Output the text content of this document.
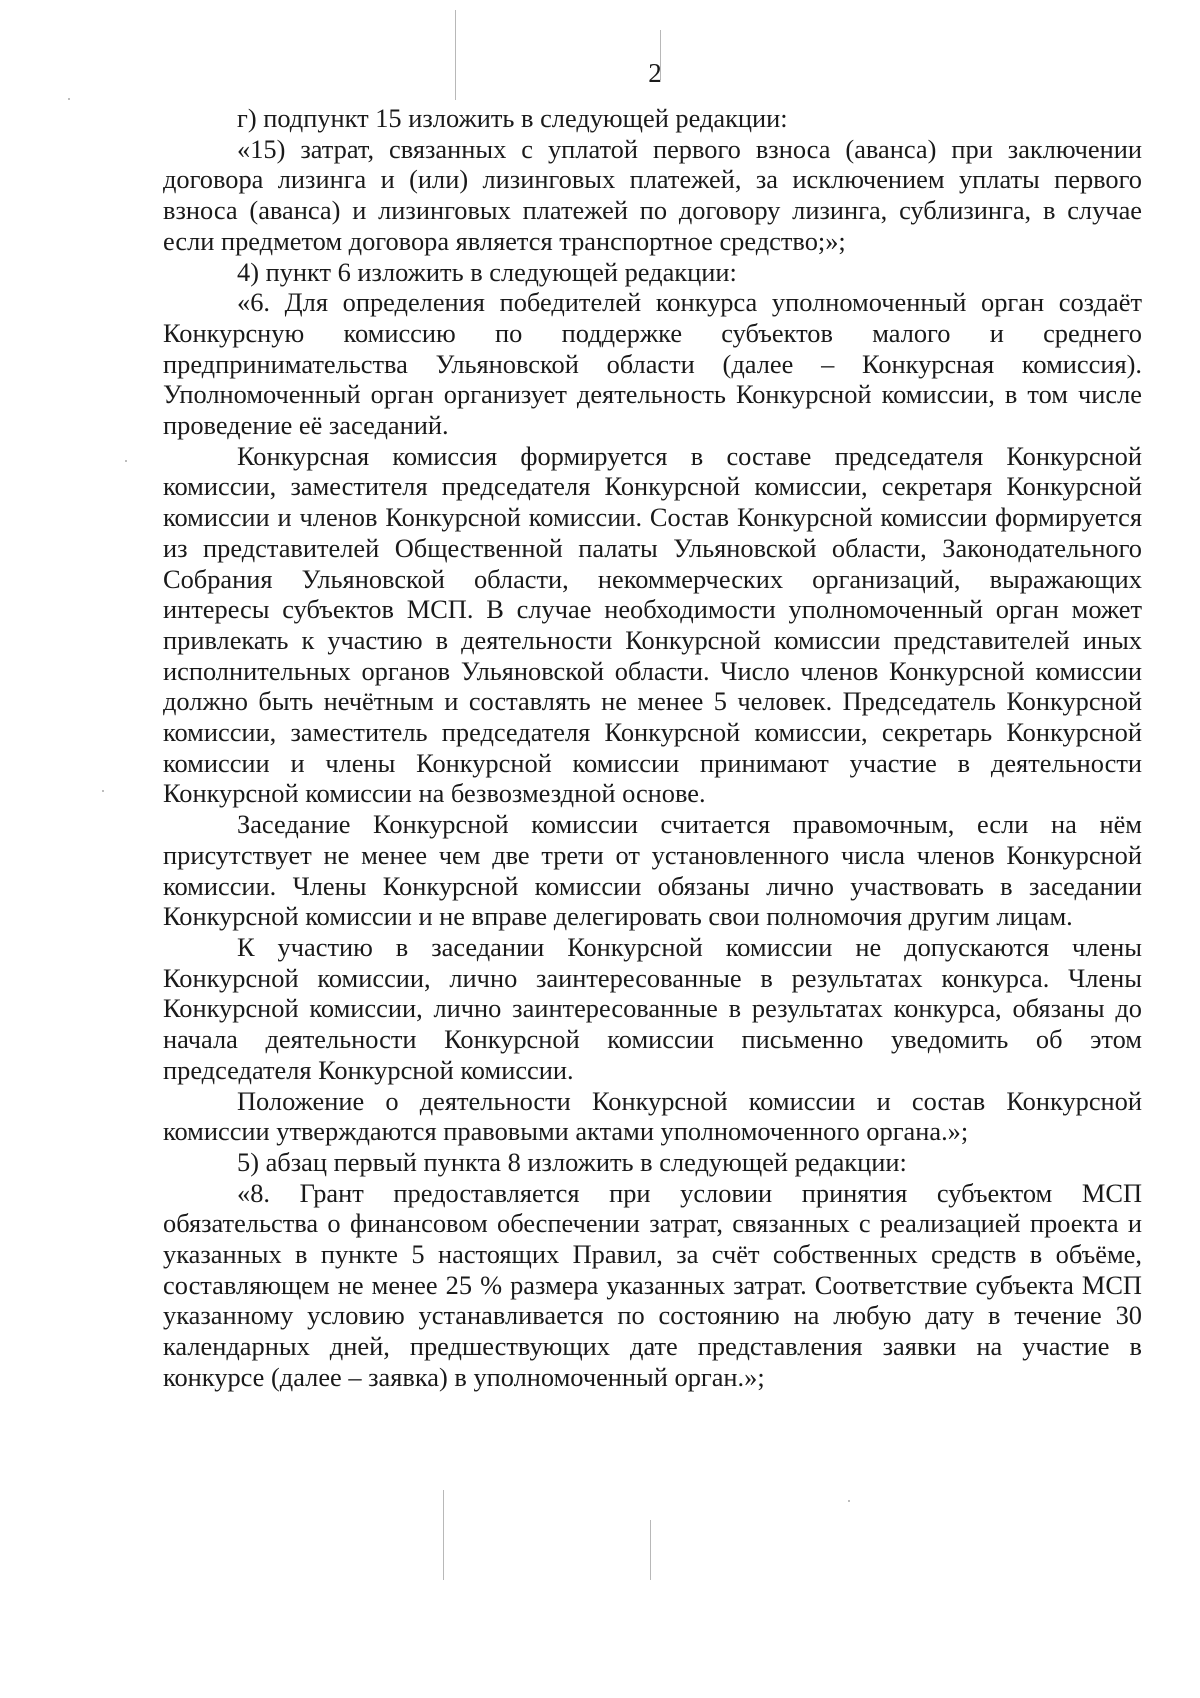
2

г) подпункт 15 изложить в следующей редакции:

«15) затрат, связанных с уплатой первого взноса (аванса) при заключении договора лизинга и (или) лизинговых платежей, за исключением уплаты первого взноса (аванса) и лизинговых платежей по договору лизинга, сублизинга, в случае если предметом договора является транспортное средство;»;

4) пункт 6 изложить в следующей редакции:

«6. Для определения победителей конкурса уполномоченный орган создаёт Конкурсную комиссию по поддержке субъектов малого и среднего предпринимательства Ульяновской области (далее – Конкурсная комиссия). Уполномоченный орган организует деятельность Конкурсной комиссии, в том числе проведение её заседаний.

Конкурсная комиссия формируется в составе председателя Конкурсной комиссии, заместителя председателя Конкурсной комиссии, секретаря Конкурсной комиссии и членов Конкурсной комиссии. Состав Конкурсной комиссии формируется из представителей Общественной палаты Ульяновской области, Законодательного Собрания Ульяновской области, некоммерческих организаций, выражающих интересы субъектов МСП. В случае необходимости уполномоченный орган может привлекать к участию в деятельности Конкурсной комиссии представителей иных исполнительных органов Ульяновской области. Число членов Конкурсной комиссии должно быть нечётным и составлять не менее 5 человек. Председатель Конкурсной комиссии, заместитель председателя Конкурсной комиссии, секретарь Конкурсной комиссии и члены Конкурсной комиссии принимают участие в деятельности Конкурсной комиссии на безвозмездной основе.

Заседание Конкурсной комиссии считается правомочным, если на нём присутствует не менее чем две трети от установленного числа членов Конкурсной комиссии. Члены Конкурсной комиссии обязаны лично участвовать в заседании Конкурсной комиссии и не вправе делегировать свои полномочия другим лицам.

К участию в заседании Конкурсной комиссии не допускаются члены Конкурсной комиссии, лично заинтересованные в результатах конкурса. Члены Конкурсной комиссии, лично заинтересованные в результатах конкурса, обязаны до начала деятельности Конкурсной комиссии письменно уведомить об этом председателя Конкурсной комиссии.

Положение о деятельности Конкурсной комиссии и состав Конкурсной комиссии утверждаются правовыми актами уполномоченного органа.»;

5) абзац первый пункта 8 изложить в следующей редакции:

«8. Грант предоставляется при условии принятия субъектом МСП обязательства о финансовом обеспечении затрат, связанных с реализацией проекта и указанных в пункте 5 настоящих Правил, за счёт собственных средств в объёме, составляющем не менее 25 % размера указанных затрат. Соответствие субъекта МСП указанному условию устанавливается по состоянию на любую дату в течение 30 календарных дней, предшествующих дате представления заявки на участие в конкурсе (далее – заявка) в уполномоченный орган.»;
